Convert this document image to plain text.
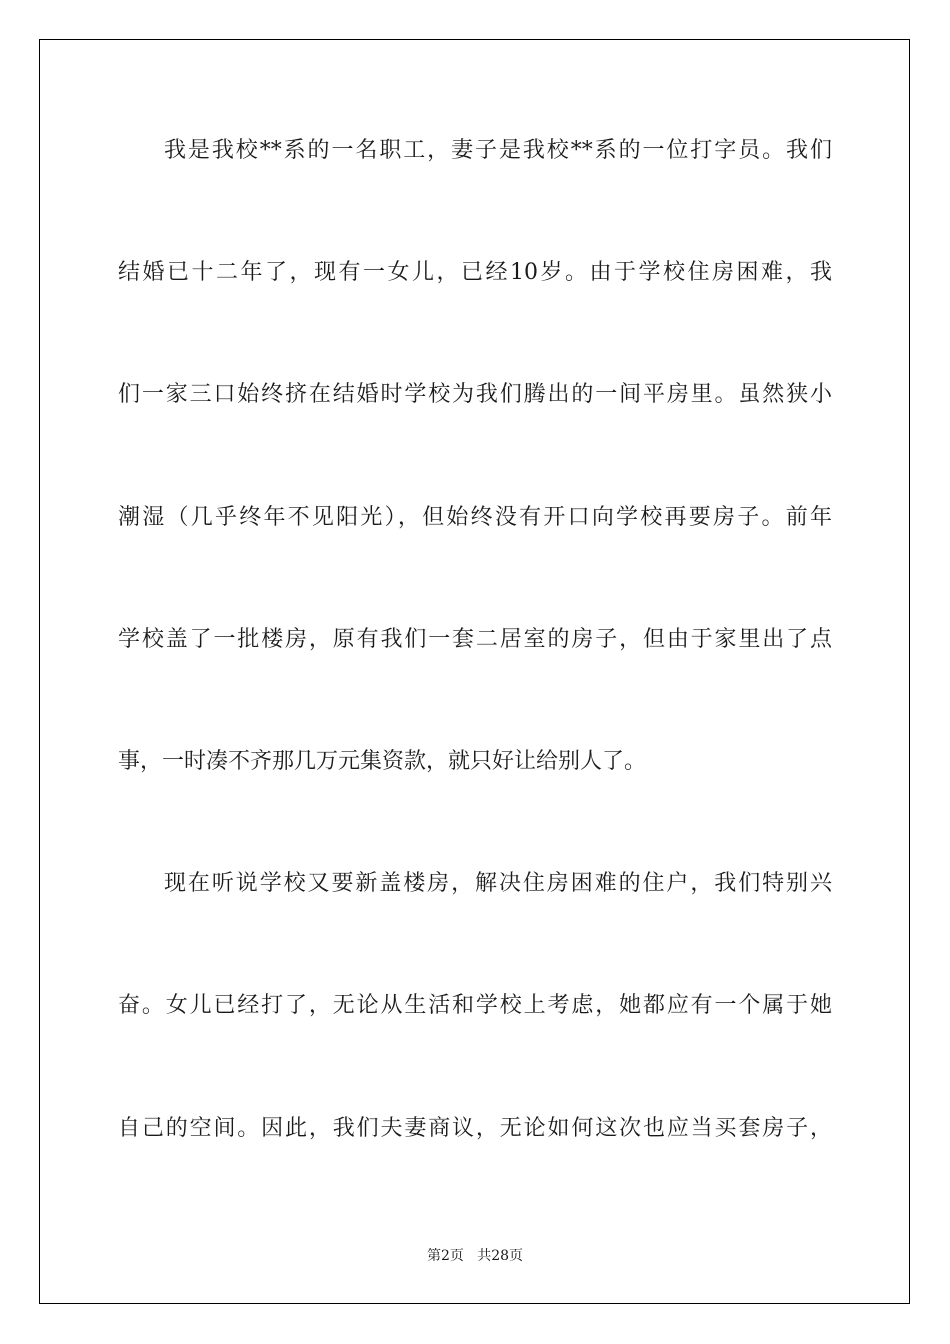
我是我校**系的一名职工，妻子是我校**系的一位打字员。我们
结婚已十二年了，现有一女儿，已经10岁。由于学校住房困难，我
们一家三口始终挤在结婚时学校为我们腾出的一间平房里。虽然狭小
潮湿（几乎终年不见阳光），但始终没有开口向学校再要房子。前年
学校盖了一批楼房，原有我们一套二居室的房子，但由于家里出了点
事，一时凑不齐那几万元集资款，就只好让给别人了。
现在听说学校又要新盖楼房，解决住房困难的住户，我们特别兴
奋。女儿已经打了，无论从生活和学校上考虑，她都应有一个属于她
自己的空间。因此，我们夫妻商议，无论如何这次也应当买套房子，
第2页   共28页
